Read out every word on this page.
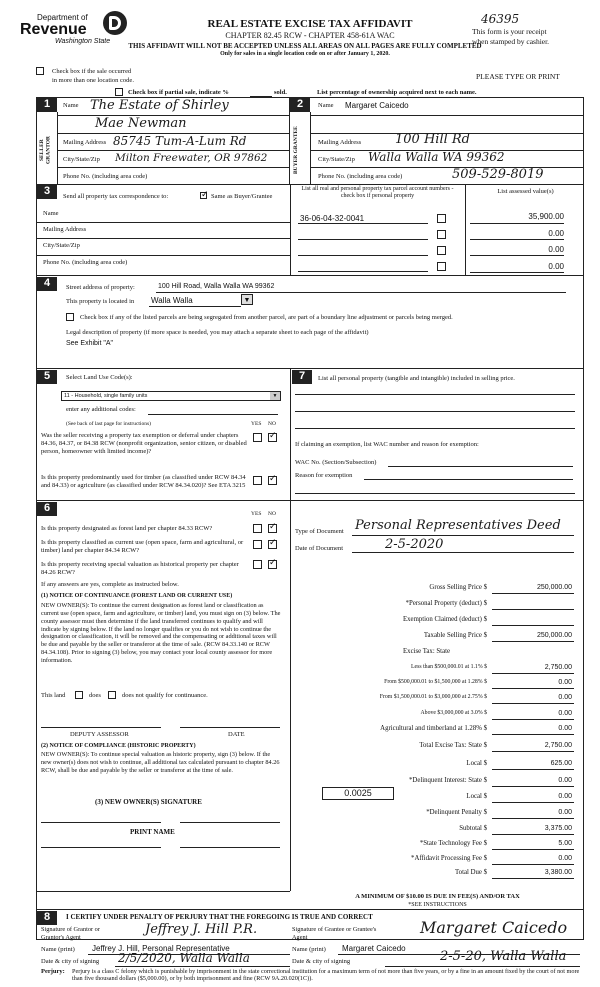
Department of
Revenue
Washington State
REAL ESTATE EXCISE TAX AFFIDAVIT
CHAPTER 82.45 RCW - CHAPTER 458-61A WAC
THIS AFFIDAVIT WILL NOT BE ACCEPTED UNLESS ALL AREAS ON ALL PAGES ARE FULLY COMPLETED
Only for sales in a single location code on or after January 1, 2020.
46395
This form is your receipt
when stamped by cashier.
PLEASE TYPE OR PRINT
Check box if the sale occurred
in more than one location code.
Check box if partial sale, indicate %	sold.	List percentage of ownership acquired next to each name.
1
SELLER GRANTOR
Name The Estate of Shirley
Mae Newman
Mailing Address 85745 Tum-A-Lum Rd
City/State/Zip Milton Freewater, OR 97862
Phone No. (including area code)
2
BUYER GRANTEE
Name Margaret Caicedo
Mailing Address	100 Hill Rd
City/State/Zip Walla Walla WA 99362
Phone No. (including area code)	509-529-8019
3	Send all property tax correspondence to:
✓	Same as Buyer/Grantee
List all real and personal property tax parcel account numbers - check box if personal property
List assessed value(s)
Name
Mailing Address
City/State/Zip
Phone No. (including area code)
36-06-04-32-0041	35,900.00
0.00
0.00
0.00
4	Street address of property:	100 Hill Road, Walla Walla WA 99362
This property is located in Walla Walla	▼
Check box if any of the listed parcels are being segregated from another parcel, are part of a boundary line adjustment or parcels being merged.
Legal description of property (if more space is needed, you may attach a separate sheet to each page of the affidavit)
See Exhibit "A"
5	Select Land Use Code(s):
11 - Household, single family units	▼
enter any additional codes:
(See back of last page for instructions)	YES NO
Was the seller receiving a property tax exemption or deferral under chapters 84.36, 84.37, or 84.38 RCW (nonprofit organization, senior citizen, or disabled person, homeowner with limited income)?
✓
Is this property predominantly used for timber (as classified under RCW 84.34 and 84.33) or agriculture (as classified under RCW 84.34.020)? See ETA 3215
✓
7	List all personal property (tangible and intangible) included in selling price.
If claiming an exemption, list WAC number and reason for exemption:
WAC No. (Section/Subsection)
Reason for exemption
6	YES NO
Is this property designated as forest land per chapter 84.33 RCW?
✓
Is this property classified as current use (open space, farm and agricultural, or timber) land per chapter 84.34 RCW?
✓
Is this property receiving special valuation as historical property per chapter 84.26 RCW?
✓
If any answers are yes, complete as instructed below.
(1) NOTICE OF CONTINUANCE (FOREST LAND OR CURRENT USE)
NEW OWNER(S): To continue the current designation as forest land or classification as current use (open space, farm and agriculture, or timber) land, you must sign on (3) below. The county assessor must then determine if the land transferred continues to qualify and will indicate by signing below. If the land no longer qualifies or you do not wish to continue the designation or classification, it will be removed and the compensating or additional taxes will be due and payable by the seller or transferor at the time of sale. (RCW 84.33.140 or RCW 84.34.108). Prior to signing (3) below, you may contact your local county assessor for more information.
This land	does	does not qualify for continuance.
DEPUTY ASSESSOR	DATE
(2) NOTICE OF COMPLIANCE (HISTORIC PROPERTY)
NEW OWNER(S): To continue special valuation as historic property, sign (3) below. If the new owner(s) does not wish to continue, all additional tax calculated pursuant to chapter 84.26 RCW, shall be due and payable by the seller or transferor at the time of sale.
(3) NEW OWNER(S) SIGNATURE
PRINT NAME
Type of Document Personal Representatives Deed
Date of Document	2-5-2020
Gross Selling Price $	250,000.00
*Personal Property (deduct) $
Exemption Claimed (deduct) $
Taxable Selling Price $	250,000.00
Excise Tax: State
Less than $500,000.01 at 1.1% $	2,750.00
From $500,000.01 to $1,500,000 at 1.28% $	0.00
From $1,500,000.01 to $3,000,000 at 2.75% $	0.00
Above $3,000,000 at 3.0% $	0.00
Agricultural and timberland at 1.28% $	0.00
Total Excise Tax: State $	2,750.00
Local $	625.00
*Delinquent Interest: State $	0.00
Local $	0.00
*Delinquent Penalty $	0.00
Subtotal $	3,375.00
*State Technology Fee $	5.00
*Affidavit Processing Fee $	0.00
Total Due $	3,380.00
0.0025
A MINIMUM OF $10.00 IS DUE IN FEE(S) AND/OR TAX
*SEE INSTRUCTIONS
8	I CERTIFY UNDER PENALTY OF PERJURY THAT THE FOREGOING IS TRUE AND CORRECT
Signature of Grantor or Grantor's Agent
Jeffrey J. Hill P.R.	Signature of Grantee or Grantee's Agent
Margaret Caicedo
Name (print) Jeffrey J. Hill, Personal Representative	Name (print) Margaret Caicedo
Date & city of signing 2/5/2020, Walla Walla	Date & city of signing	2-5-20, Walla Walla
Perjury: Perjury is a class C felony which is punishable by imprisonment in the state correctional institution for a maximum term of not more than five years, or by a fine in an amount fixed by the court of not more than five thousand dollars ($5,000.00), or by both imprisonment and fine (RCW 9A.20.020(1C)).
